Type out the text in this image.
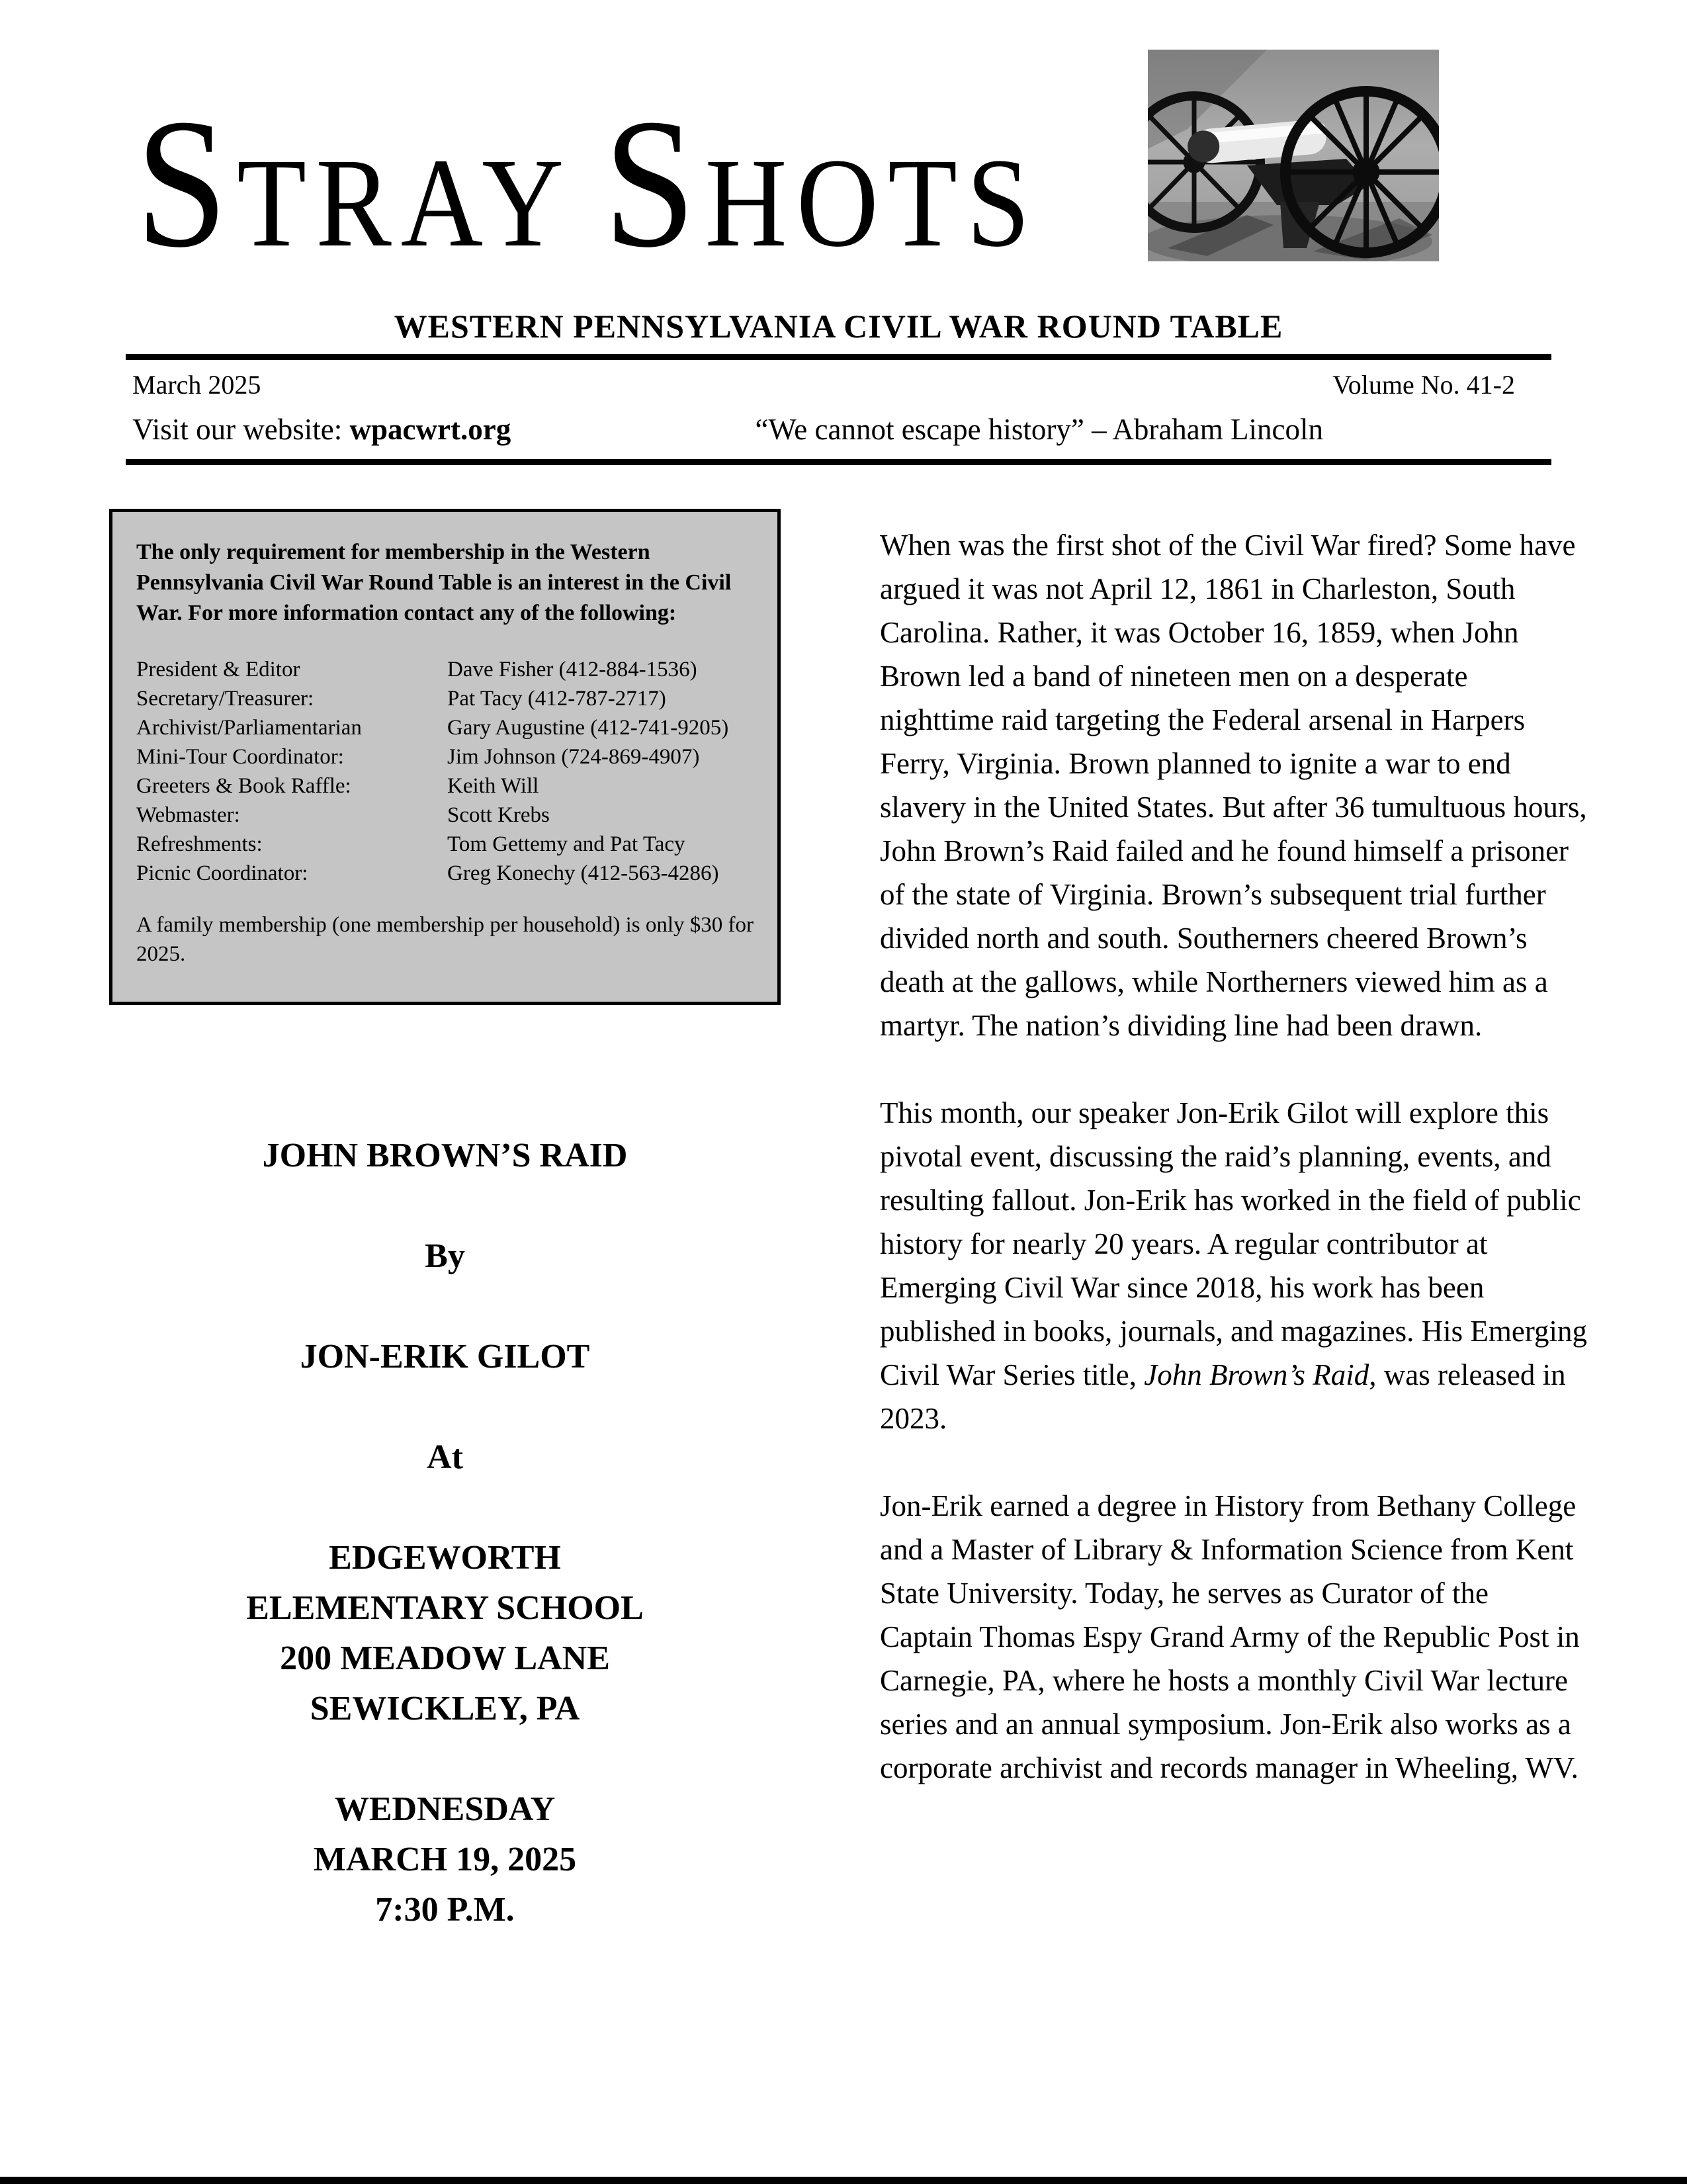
STRAY SHOTS
WESTERN PENNSYLVANIA CIVIL WAR ROUND TABLE
March 2025	Volume No. 41-2
Visit our website: wpacwrt.org	“We cannot escape history” – Abraham Lincoln
The only requirement for membership in the Western Pennsylvania Civil War Round Table is an interest in the Civil War. For more information contact any of the following:
President & Editor	Dave Fisher (412-884-1536)
Secretary/Treasurer:	Pat Tacy (412-787-2717)
Archivist/Parliamentarian	Gary Augustine (412-741-9205)
Mini-Tour Coordinator:	Jim Johnson (724-869-4907)
Greeters & Book Raffle:	Keith Will
Webmaster:	Scott Krebs
Refreshments:	Tom Gettemy and Pat Tacy
Picnic Coordinator:	Greg Konechy (412-563-4286)
A family membership (one membership per household) is only $30 for 2025.
JOHN BROWN’S RAID
By
JON-ERIK GILOT
At
EDGEWORTH
ELEMENTARY SCHOOL
200 MEADOW LANE
SEWICKLEY, PA
WEDNESDAY
MARCH 19, 2025
7:30 P.M.

When was the first shot of the Civil War fired? Some have argued it was not April 12, 1861 in Charleston, South Carolina. Rather, it was October 16, 1859, when John Brown led a band of nineteen men on a desperate nighttime raid targeting the Federal arsenal in Harpers Ferry, Virginia. Brown planned to ignite a war to end slavery in the United States. But after 36 tumultuous hours, John Brown’s Raid failed and he found himself a prisoner of the state of Virginia. Brown’s subsequent trial further divided north and south. Southerners cheered Brown’s death at the gallows, while Northerners viewed him as a martyr. The nation’s dividing line had been drawn.

This month, our speaker Jon-Erik Gilot will explore this pivotal event, discussing the raid’s planning, events, and resulting fallout. Jon-Erik has worked in the field of public history for nearly 20 years. A regular contributor at Emerging Civil War since 2018, his work has been published in books, journals, and magazines. His Emerging Civil War Series title, John Brown’s Raid, was released in 2023.

Jon-Erik earned a degree in History from Bethany College and a Master of Library & Information Science from Kent State University. Today, he serves as Curator of the Captain Thomas Espy Grand Army of the Republic Post in Carnegie, PA, where he hosts a monthly Civil War lecture series and an annual symposium. Jon-Erik also works as a corporate archivist and records manager in Wheeling, WV.
